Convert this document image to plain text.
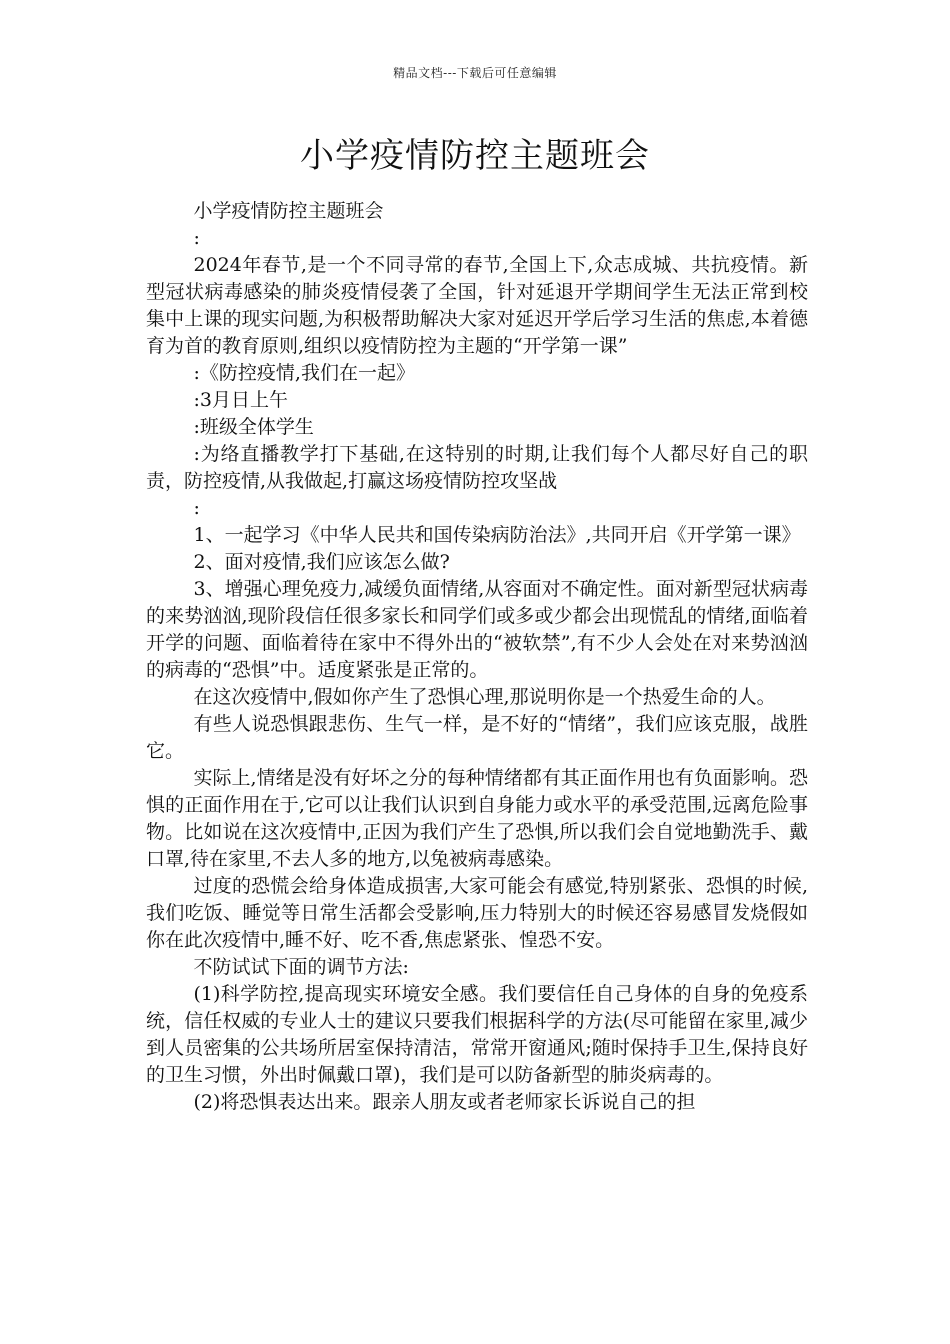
精品文档---下载后可任意编辑
小学疫情防控主题班会

小学疫情防控主题班会

:

2024年春节,是一个不同寻常的春节,全国上下,众志成城、共抗疫情。新型冠状病毒感染的肺炎疫情侵袭了全国，针对延退开学期间学生无法正常到校集中上课的现实问题,为积极帮助解决大家对延迟开学后学习生活的焦虑,本着德育为首的教育原则,组织以疫情防控为主题的“开学第一课”

:《防控疫情,我们在一起》

:3月日上午

:班级全体学生

:为络直播教学打下基础,在这特别的时期,让我们每个人都尽好自己的职责，防控疫情,从我做起,打赢这场疫情防控攻坚战

:

1、一起学习《中华人民共和国传染病防治法》,共同开启《开学第一课》

2、面对疫情,我们应该怎么做?

3、增强心理免疫力,减缓负面情绪,从容面对不确定性。面对新型冠状病毒的来势汹汹,现阶段信任很多家长和同学们或多或少都会出现慌乱的情绪,面临着开学的问题、面临着待在家中不得外出的“被软禁”,有不少人会处在对来势汹汹的病毒的“恐惧”中。适度紧张是正常的。

在这次疫情中,假如你产生了恐惧心理,那说明你是一个热爱生命的人。

有些人说恐惧跟悲伤、生气一样，是不好的“情绪”，我们应该克服，战胜它。

实际上,情绪是没有好坏之分的每种情绪都有其正面作用也有负面影响。恐惧的正面作用在于,它可以让我们认识到自身能力或水平的承受范围,远离危险事物。比如说在这次疫情中,正因为我们产生了恐惧,所以我们会自觉地勤洗手、戴口罩,待在家里,不去人多的地方,以兔被病毒感染。

过度的恐慌会给身体造成损害,大家可能会有感觉,特别紧张、恐惧的时候,我们吃饭、睡觉等日常生活都会受影响,压力特别大的时候还容易感冒发烧假如你在此次疫情中,睡不好、吃不香,焦虑紧张、惶恐不安。

不防试试下面的调节方法:

(1)科学防控,提高现实环境安全感。我们要信任自己身体的自身的免疫系统，信任权威的专业人士的建议只要我们根据科学的方法(尽可能留在家里,减少到人员密集的公共场所居室保持清洁，常常开窗通风;随时保持手卫生,保持良好的卫生习惯，外出时佩戴口罩)，我们是可以防备新型的肺炎病毒的。

(2)将恐惧表达出来。跟亲人朋友或者老师家长诉说自己的担
